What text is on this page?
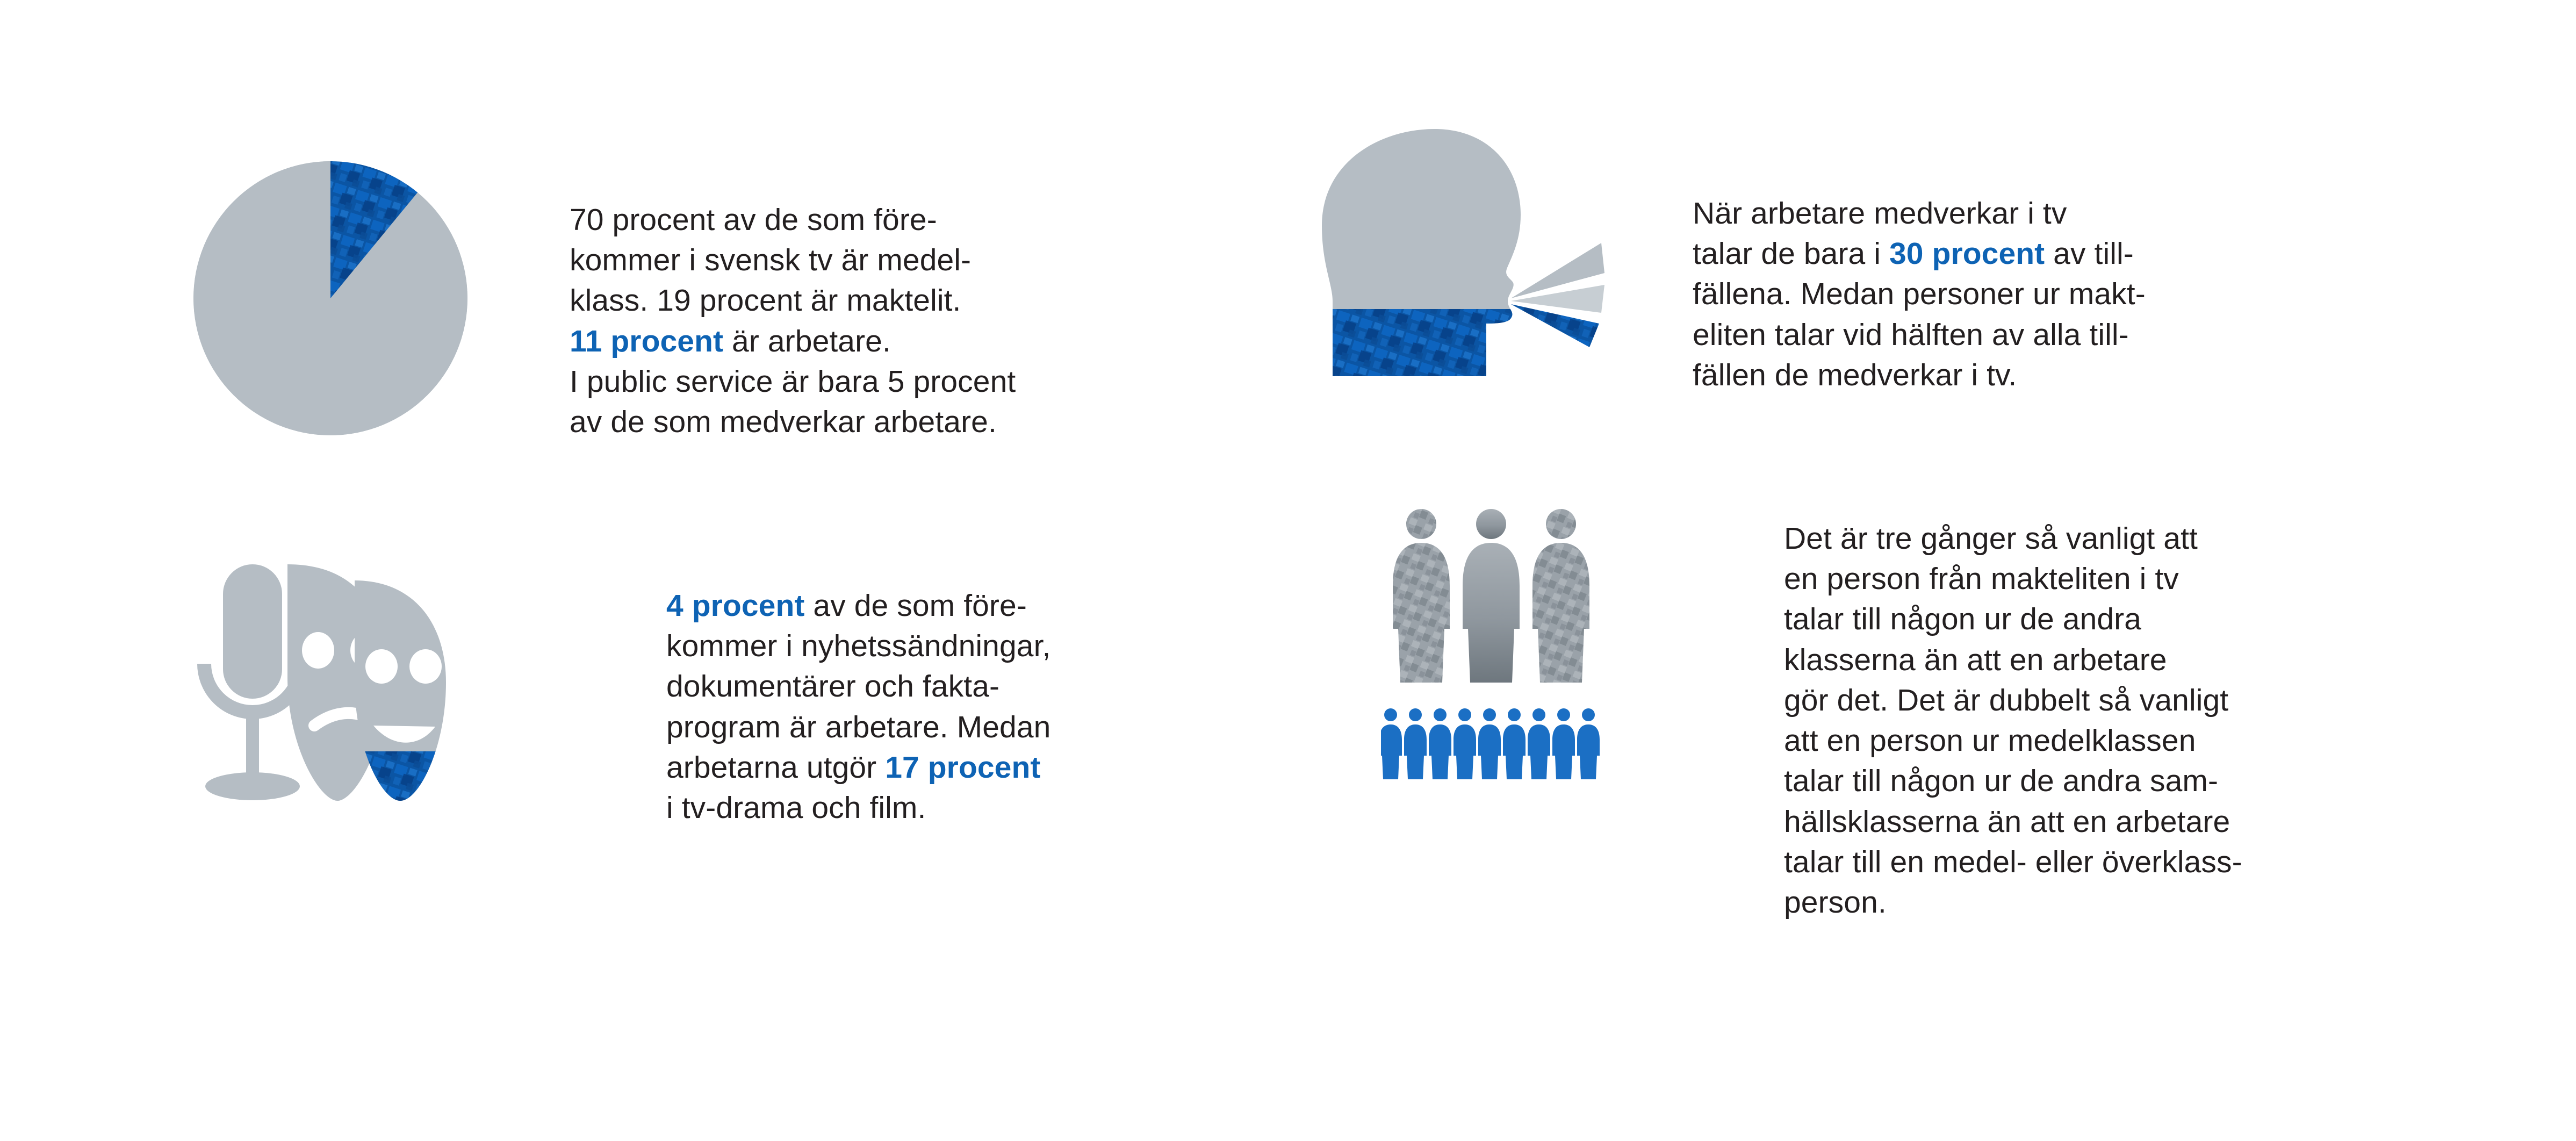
70 procent av de som före-

kommer i svensk tv är medel-

klass. 19 procent är maktelit.

11 procent är arbetare.

I public service är bara 5 procent

av de som medverkar arbetare.

4 procent av de som före-

kommer i nyhetssändningar,

dokumentärer och fakta-

program är arbetare. Medan

arbetarna utgör 17 procent

i tv-drama och film.

När arbetare medverkar i tv

talar de bara i 30 procent av till-

fällena. Medan personer ur makt-

eliten talar vid hälften av alla till-

fällen de medverkar i tv.

Det är tre gånger så vanligt att

en person från makteliten i tv

talar till någon ur de andra

klasserna än att en arbetare

gör det. Det är dubbelt så vanligt

att en person ur medelklassen

talar till någon ur de andra sam-

hällsklasserna än att en arbetare

talar till en medel- eller överklass-

person.
